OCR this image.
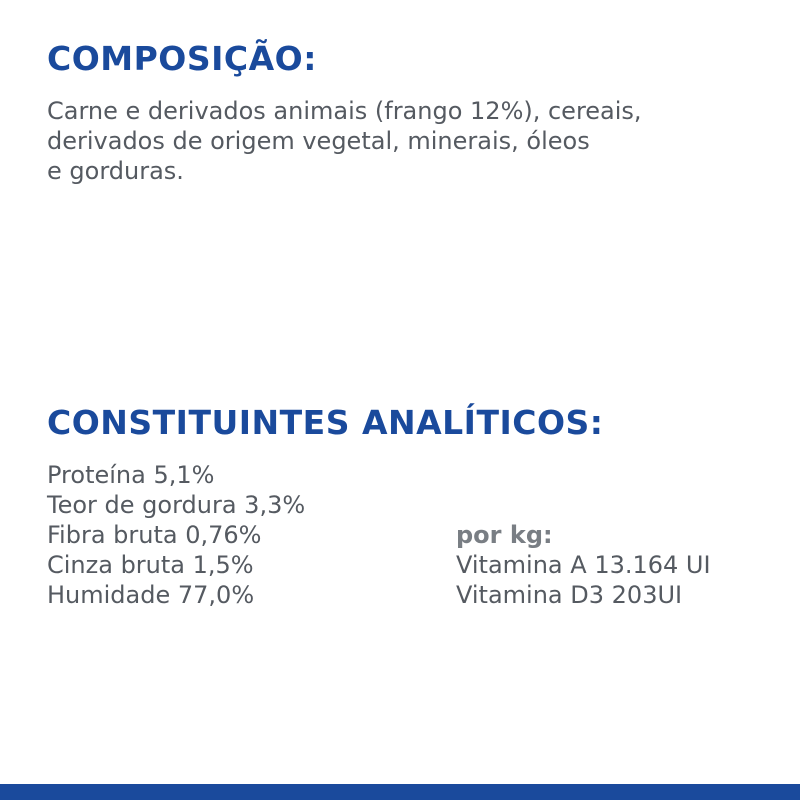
COMPOSIÇÃO:

Carne e derivados animais (frango 12%), cereais,
derivados de origem vegetal, minerais, óleos
e gorduras.

CONSTITUINTES ANALÍTICOS:
Proteína 5,1%
Teor de gordura 3,3%
Fibra bruta 0,76%
Cinza bruta 1,5%
Humidade 77,0%
por kg:
Vitamina A 13.164 UI
Vitamina D3 203UI
